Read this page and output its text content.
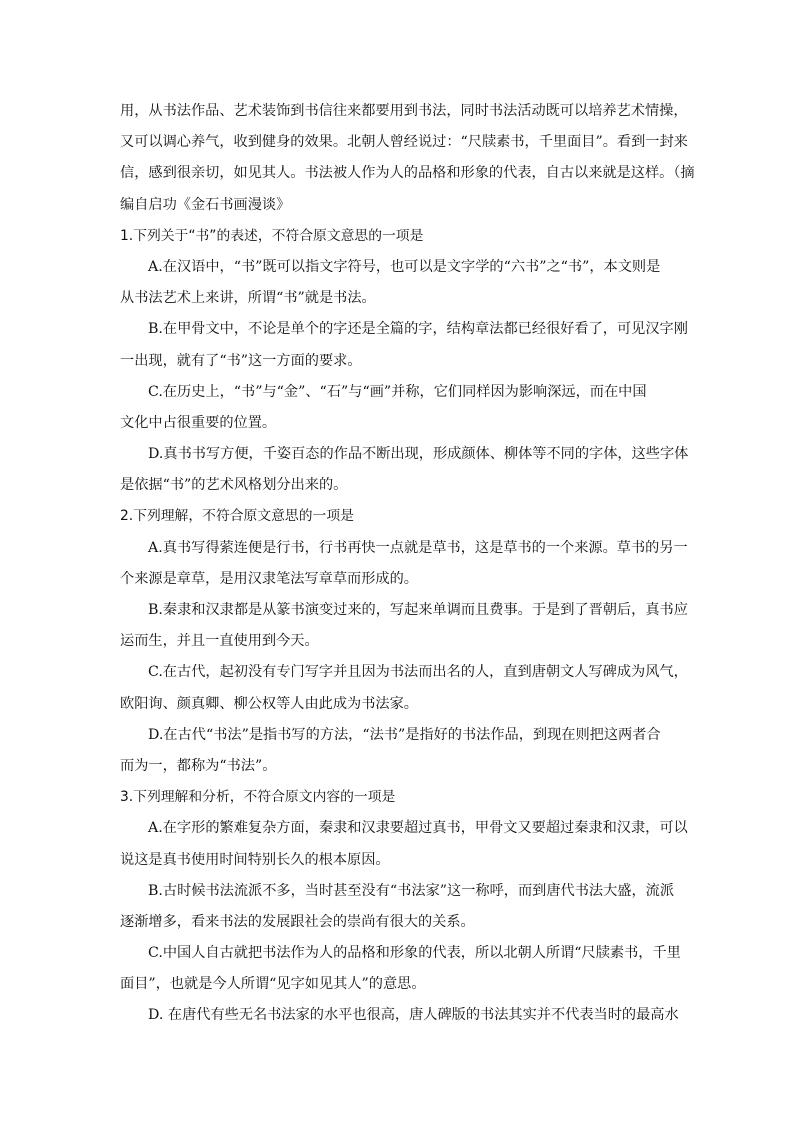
用，从书法作品、艺术装饰到书信往来都要用到书法，同时书法活动既可以培养艺术情操，
又可以调心养气，收到健身的效果。北朝人曾经说过：“尺牍素书，千里面目”。看到一封来
信，感到很亲切，如见其人。书法被人作为人的品格和形象的代表，自古以来就是这样。（摘
编自启功《金石书画漫谈》
1.下列关于“书”的表述，不符合原文意思的一项是
A.在汉语中，“书”既可以指文字符号，也可以是文字学的“六书”之“书”，本文则是
从书法艺术上来讲，所谓“书”就是书法。
B.在甲骨文中，不论是单个的字还是全篇的字，结构章法都已经很好看了，可见汉字刚
一出现，就有了“书”这一方面的要求。
C.在历史上，“书”与“金”、“石”与“画”并称，它们同样因为影响深远，而在中国
文化中占很重要的位置。
D.真书书写方便，千姿百态的作品不断出现，形成颜体、柳体等不同的字体，这些字体
是依据“书”的艺术风格划分出来的。
2.下列理解，不符合原文意思的一项是
A.真书写得萦连便是行书，行书再快一点就是草书，这是草书的一个来源。草书的另一
个来源是章草，是用汉隶笔法写章草而形成的。
B.秦隶和汉隶都是从篆书演变过来的，写起来单调而且费事。于是到了晋朝后，真书应
运而生，并且一直使用到今天。
C.在古代，起初没有专门写字并且因为书法而出名的人，直到唐朝文人写碑成为风气，
欧阳询、颜真卿、柳公权等人由此成为书法家。
D.在古代“书法”是指书写的方法，“法书”是指好的书法作品，到现在则把这两者合
而为一，都称为“书法”。
3.下列理解和分析，不符合原文内容的一项是
A.在字形的繁难复杂方面，秦隶和汉隶要超过真书，甲骨文又要超过秦隶和汉隶，可以
说这是真书使用时间特别长久的根本原因。
B.古时候书法流派不多，当时甚至没有“书法家”这一称呼，而到唐代书法大盛，流派
逐渐增多，看来书法的发展跟社会的崇尚有很大的关系。
C.中国人自古就把书法作为人的品格和形象的代表，所以北朝人所谓“尺牍素书，千里
面目”，也就是今人所谓“见字如见其人”的意思。
D. 在唐代有些无名书法家的水平也很高，唐人碑版的书法其实并不代表当时的最高水
